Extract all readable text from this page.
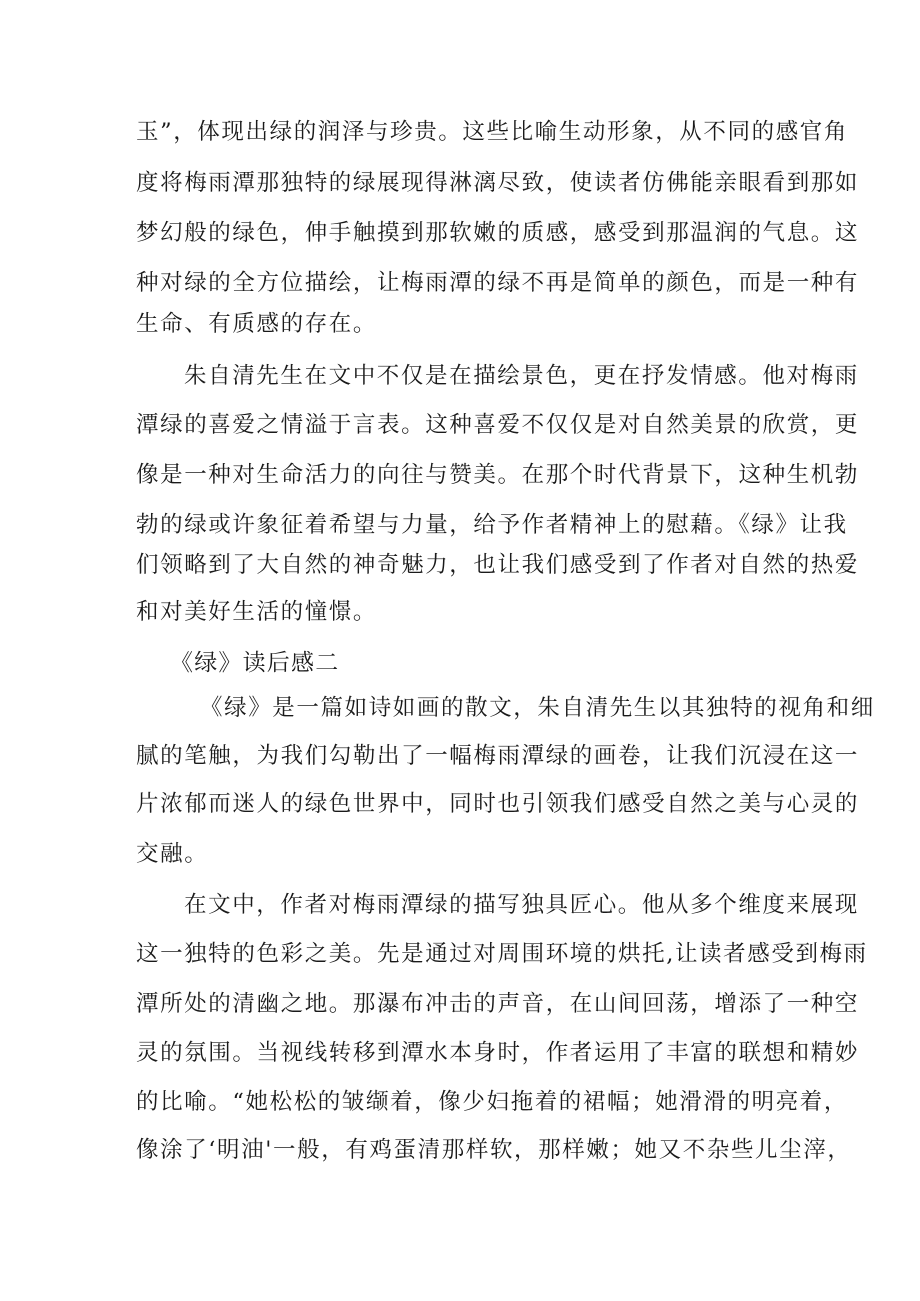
玉”，体现出绿的润泽与珍贵。这些比喻生动形象，从不同的感官角
度将梅雨潭那独特的绿展现得淋漓尽致，使读者仿佛能亲眼看到那如
梦幻般的绿色，伸手触摸到那软嫩的质感，感受到那温润的气息。这
种对绿的全方位描绘，让梅雨潭的绿不再是简单的颜色，而是一种有
生命、有质感的存在。
朱自清先生在文中不仅是在描绘景色，更在抒发情感。他对梅雨
潭绿的喜爱之情溢于言表。这种喜爱不仅仅是对自然美景的欣赏，更
像是一种对生命活力的向往与赞美。在那个时代背景下，这种生机勃
勃的绿或许象征着希望与力量，给予作者精神上的慰藉。《绿》让我
们领略到了大自然的神奇魅力，也让我们感受到了作者对自然的热爱
和对美好生活的憧憬。
《绿》读后感二
《绿》是一篇如诗如画的散文，朱自清先生以其独特的视角和细
腻的笔触，为我们勾勒出了一幅梅雨潭绿的画卷，让我们沉浸在这一
片浓郁而迷人的绿色世界中，同时也引领我们感受自然之美与心灵的
交融。
在文中，作者对梅雨潭绿的描写独具匠心。他从多个维度来展现
这一独特的色彩之美。先是通过对周围环境的烘托,让读者感受到梅雨
潭所处的清幽之地。那瀑布冲击的声音，在山间回荡，增添了一种空
灵的氛围。当视线转移到潭水本身时，作者运用了丰富的联想和精妙
的比喻。“她松松的皱缬着，像少妇拖着的裙幅；她滑滑的明亮着，
像涂了‘明油'一般，有鸡蛋清那样软，那样嫩；她又不杂些儿尘滓，
